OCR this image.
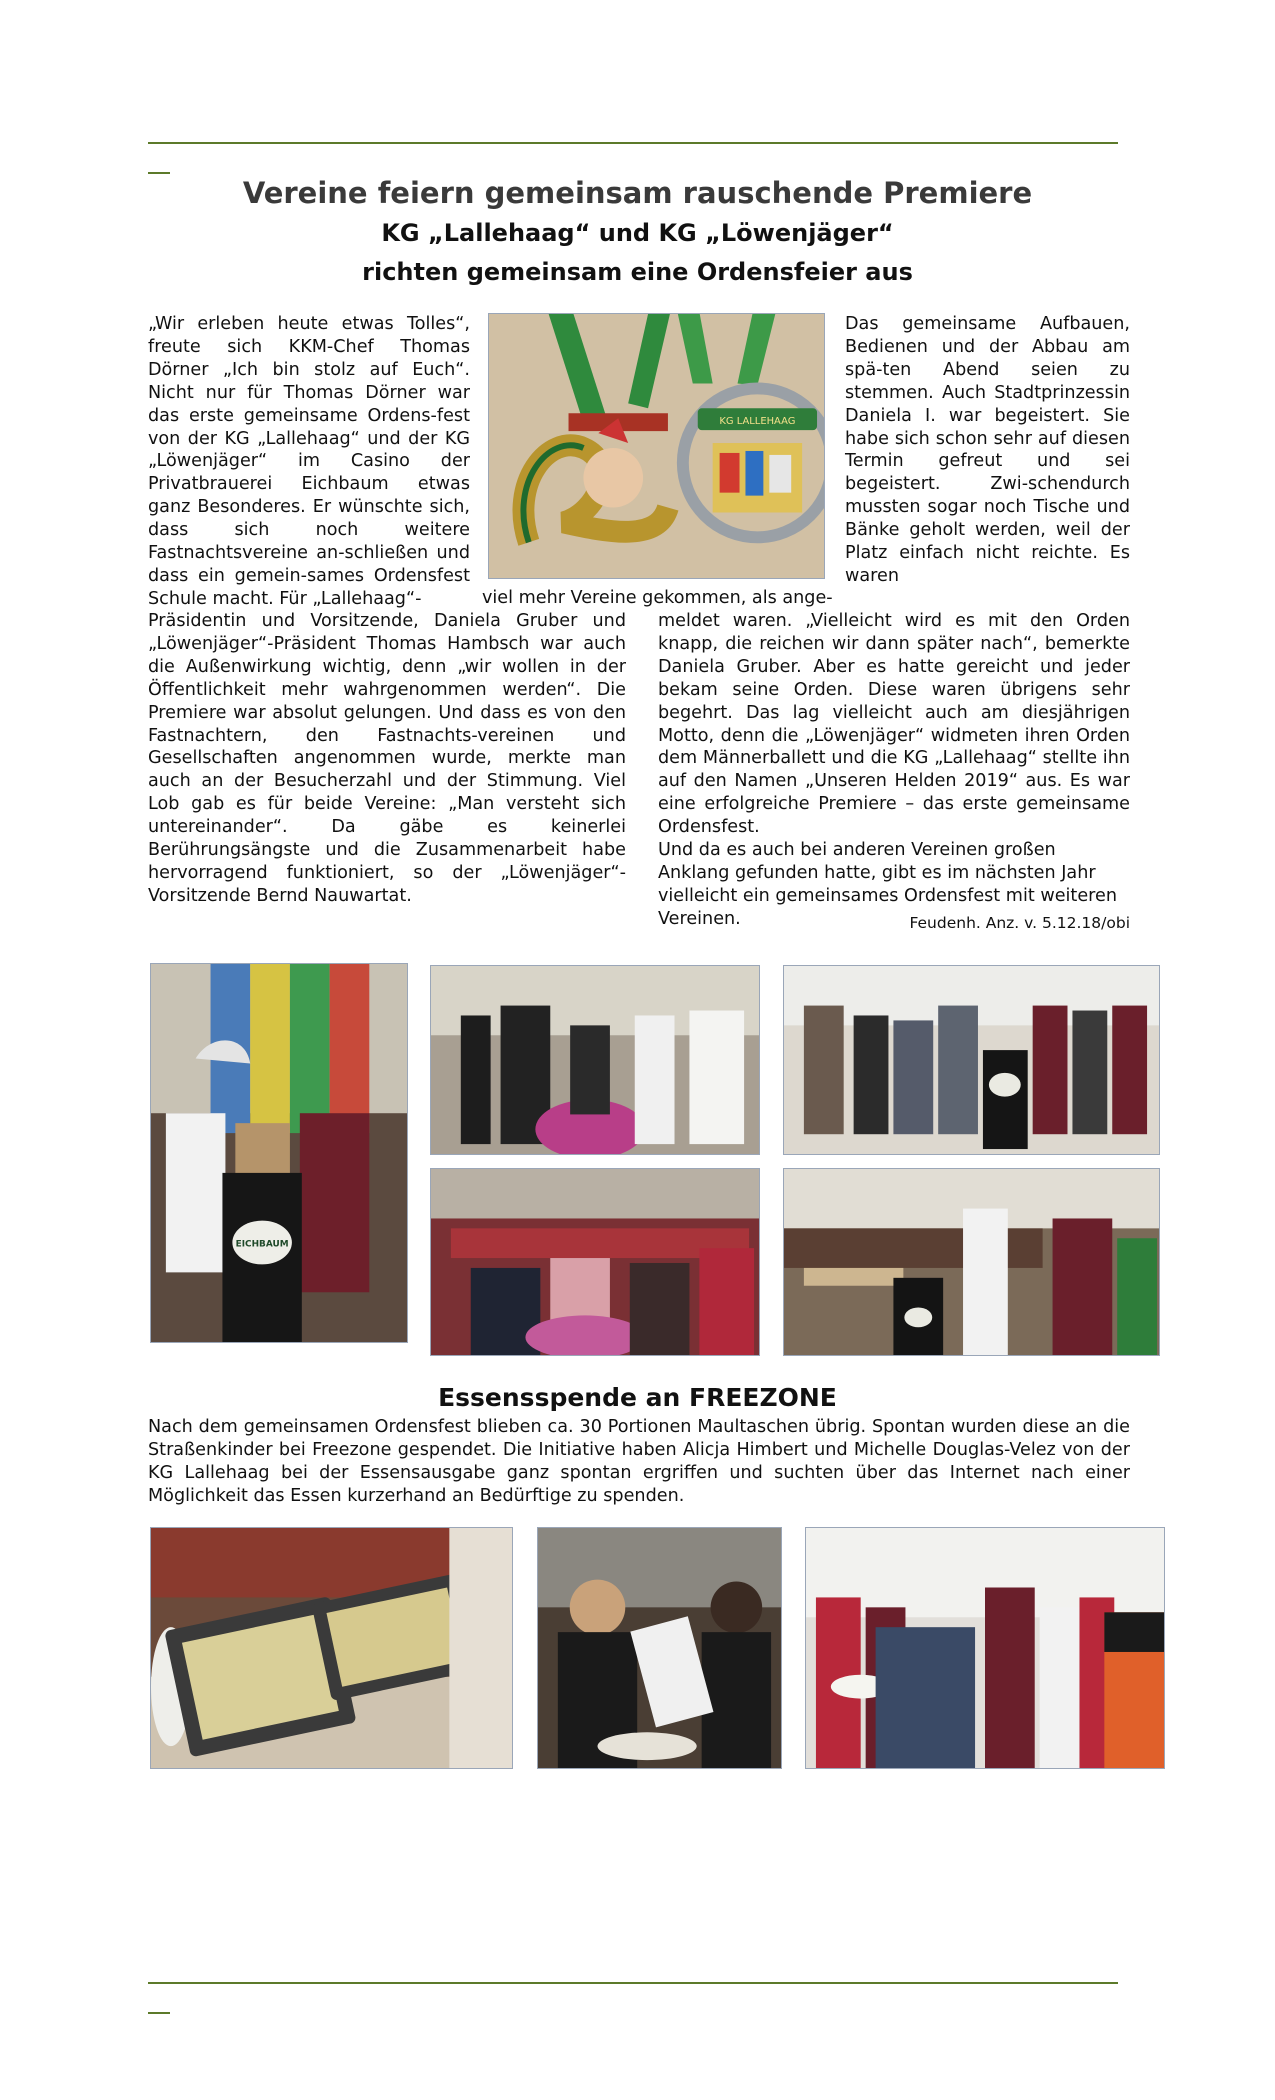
Vereine feiern gemeinsam rauschende Premiere
KG „Lallehaag“ und KG „Löwenjäger“
richten gemeinsam eine Ordensfeier aus

„Wir erleben heute etwas Tolles“, freute sich KKM-Chef Thomas Dörner „Ich bin stolz auf Euch“. Nicht nur für Thomas Dörner war das erste gemeinsame Ordens-fest von der KG „Lallehaag“ und der KG „Löwenjäger“ im Casino der Privatbrauerei Eichbaum etwas ganz Besonderes. Er wünschte sich, dass sich noch weitere Fastnachtsvereine an-schließen und dass ein gemein-sames Ordensfest Schule macht. Für „Lallehaag“-

KG LALLEHAAG

Das gemeinsame Aufbauen, Bedienen und der Abbau am spä-ten Abend seien zu stemmen. Auch Stadtprinzessin Daniela I. war begeistert. Sie habe sich schon sehr auf diesen Termin gefreut und sei begeistert. Zwi-schendurch mussten sogar noch Tische und Bänke geholt werden, weil der Platz einfach nicht reichte. Es waren

viel mehr Vereine gekommen, als ange-

Präsidentin und Vorsitzende, Daniela Gruber und „Löwenjäger“-Präsident Thomas Hambsch war auch die Außenwirkung wichtig, denn „wir wollen in der Öffentlichkeit mehr wahrgenommen werden“. Die Premiere war absolut gelungen. Und dass es von den Fastnachtern, den Fastnachts-vereinen und Gesellschaften angenommen wurde, merkte man auch an der Besucherzahl und der Stimmung. Viel Lob gab es für beide Vereine: „Man versteht sich untereinander“. Da gäbe es keinerlei Berührungsängste und die Zusammenarbeit habe hervorragend funktioniert, so der „Löwenjäger“-Vorsitzende Bernd Nauwartat.

meldet waren. „Vielleicht wird es mit den Orden knapp, die reichen wir dann später nach“, bemerkte Daniela Gruber. Aber es hatte gereicht und jeder bekam seine Orden. Diese waren übrigens sehr begehrt. Das lag vielleicht auch am diesjährigen Motto, denn die „Löwenjäger“ widmeten ihren Orden dem Männerballett und die KG „Lallehaag“ stellte ihn auf den Namen „Unseren Helden 2019“ aus. Es war eine erfolgreiche Premiere – das erste gemeinsame Ordensfest.

Und da es auch bei anderen Vereinen großen Anklang gefunden hatte, gibt es im nächsten Jahr vielleicht ein gemeinsames Ordensfest mit weiteren Vereinen.	Feudenh. Anz. v. 5.12.18/obi

EICHBAUM
Essensspende an FREEZONE

Nach dem gemeinsamen Ordensfest blieben ca. 30 Portionen Maultaschen übrig. Spontan wurden diese an die Straßenkinder bei Freezone gespendet. Die Initiative haben Alicja Himbert und Michelle Douglas-Velez von der KG Lallehaag bei der Essensausgabe ganz spontan ergriffen und suchten über das Internet nach einer Möglichkeit das Essen kurzerhand an Bedürftige zu spenden.
